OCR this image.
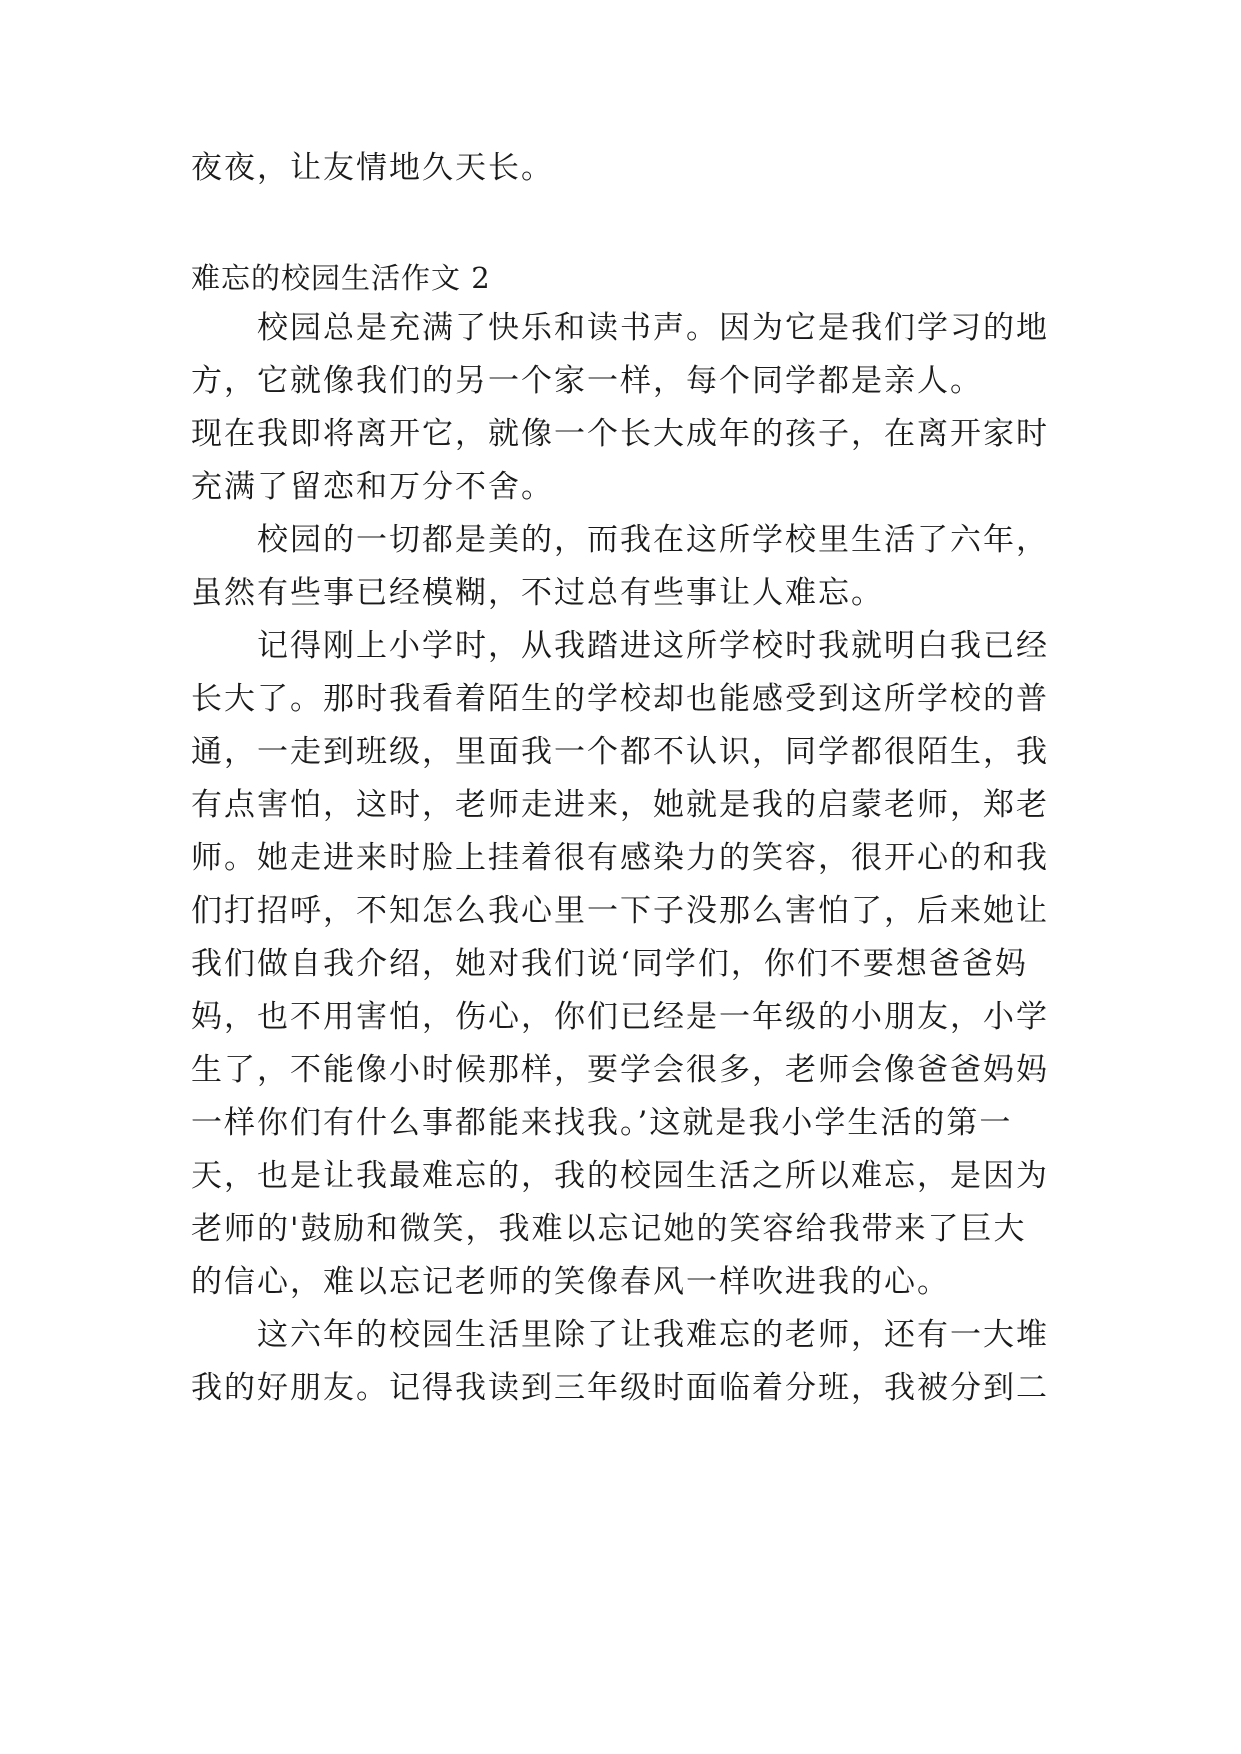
夜夜，让友情地久天长。
难忘的校园生活作文 2
　　校园总是充满了快乐和读书声。因为它是我们学习的地
方，它就像我们的另一个家一样，每个同学都是亲人。
现在我即将离开它，就像一个长大成年的孩子，在离开家时
充满了留恋和万分不舍。
　　校园的一切都是美的，而我在这所学校里生活了六年，
虽然有些事已经模糊，不过总有些事让人难忘。
　　记得刚上小学时，从我踏进这所学校时我就明白我已经
长大了。那时我看着陌生的学校却也能感受到这所学校的普
通，一走到班级，里面我一个都不认识，同学都很陌生，我
有点害怕，这时，老师走进来，她就是我的启蒙老师，郑老
师。她走进来时脸上挂着很有感染力的笑容，很开心的和我
们打招呼，不知怎么我心里一下子没那么害怕了，后来她让
我们做自我介绍，她对我们说‘同学们，你们不要想爸爸妈
妈，也不用害怕，伤心，你们已经是一年级的小朋友，小学
生了，不能像小时候那样，要学会很多，老师会像爸爸妈妈
一样你们有什么事都能来找我。’这就是我小学生活的第一
天，也是让我最难忘的，我的校园生活之所以难忘，是因为
老师的'鼓励和微笑，我难以忘记她的笑容给我带来了巨大
的信心，难以忘记老师的笑像春风一样吹进我的心。
　　这六年的校园生活里除了让我难忘的老师，还有一大堆
我的好朋友。记得我读到三年级时面临着分班，我被分到二
